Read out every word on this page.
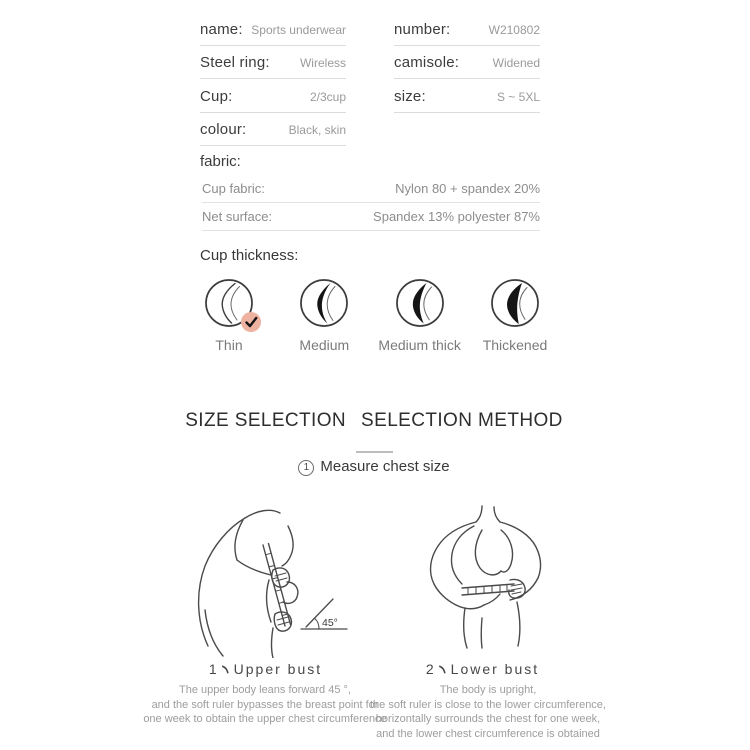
name: Sports underwear
Steel ring:	Wireless
Cup:	2/3cup
colour:	Black, skin
number:	W210802
camisole:	Widened
size:	S ~ 5XL
fabric:
Cup fabric:	Nylon 80 + spandex 20%
Net surface:	Spandex 13% polyester 87%
Cup thickness:
Thin	Medium	Medium thick	Thickened
SIZE SELECTION SELECTION METHOD
1 Measure chest size
45°
1 Upper bust	2 Lower bust
The upper body leans forward 45 °,
and the soft ruler bypasses the breast point for
one week to obtain the upper chest circumference
The body is upright,
the soft ruler is close to the lower circumference,
horizontally surrounds the chest for one week,
and the lower chest circumference is obtained
